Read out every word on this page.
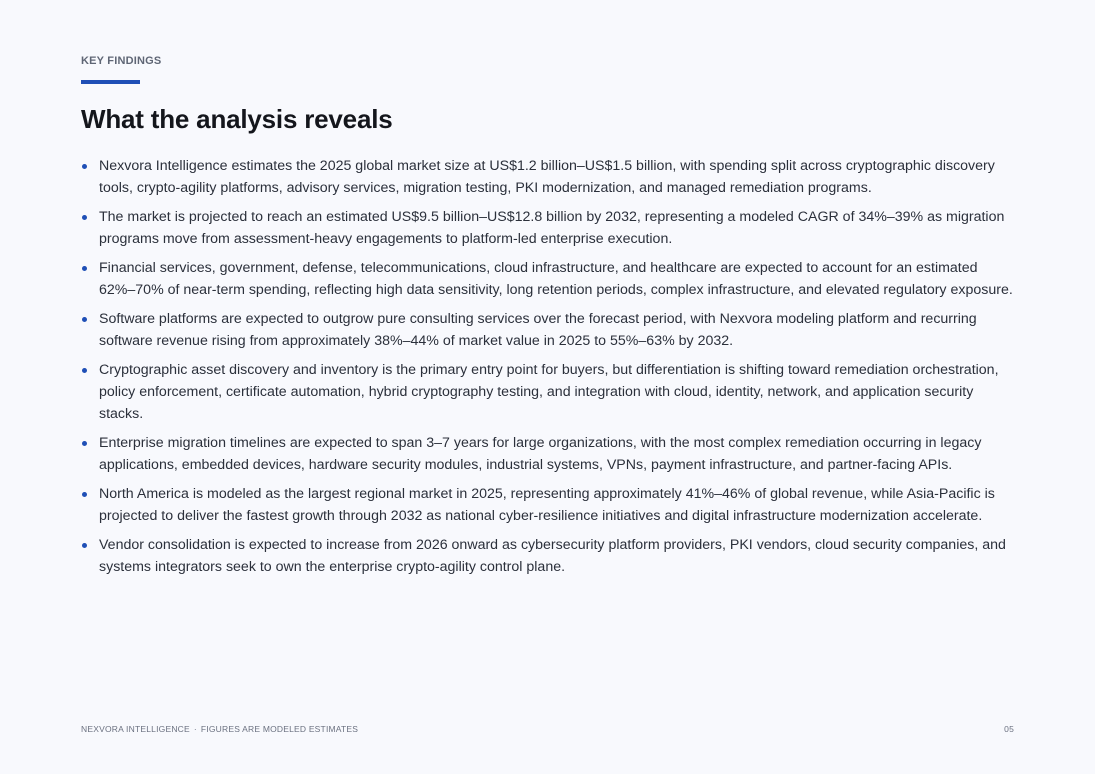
KEY FINDINGS
What the analysis reveals
Nexvora Intelligence estimates the 2025 global market size at US$1.2 billion–US$1.5 billion, with spending split across cryptographic discovery tools, crypto-agility platforms, advisory services, migration testing, PKI modernization, and managed remediation programs.
The market is projected to reach an estimated US$9.5 billion–US$12.8 billion by 2032, representing a modeled CAGR of 34%–39% as migration programs move from assessment-heavy engagements to platform-led enterprise execution.
Financial services, government, defense, telecommunications, cloud infrastructure, and healthcare are expected to account for an estimated 62%–70% of near-term spending, reflecting high data sensitivity, long retention periods, complex infrastructure, and elevated regulatory exposure.
Software platforms are expected to outgrow pure consulting services over the forecast period, with Nexvora modeling platform and recurring software revenue rising from approximately 38%–44% of market value in 2025 to 55%–63% by 2032.
Cryptographic asset discovery and inventory is the primary entry point for buyers, but differentiation is shifting toward remediation orchestration, policy enforcement, certificate automation, hybrid cryptography testing, and integration with cloud, identity, network, and application security stacks.
Enterprise migration timelines are expected to span 3–7 years for large organizations, with the most complex remediation occurring in legacy applications, embedded devices, hardware security modules, industrial systems, VPNs, payment infrastructure, and partner-facing APIs.
North America is modeled as the largest regional market in 2025, representing approximately 41%–46% of global revenue, while Asia-Pacific is projected to deliver the fastest growth through 2032 as national cyber-resilience initiatives and digital infrastructure modernization accelerate.
Vendor consolidation is expected to increase from 2026 onward as cybersecurity platform providers, PKI vendors, cloud security companies, and systems integrators seek to own the enterprise crypto-agility control plane.
NEXVORA INTELLIGENCE · FIGURES ARE MODELED ESTIMATES	05
